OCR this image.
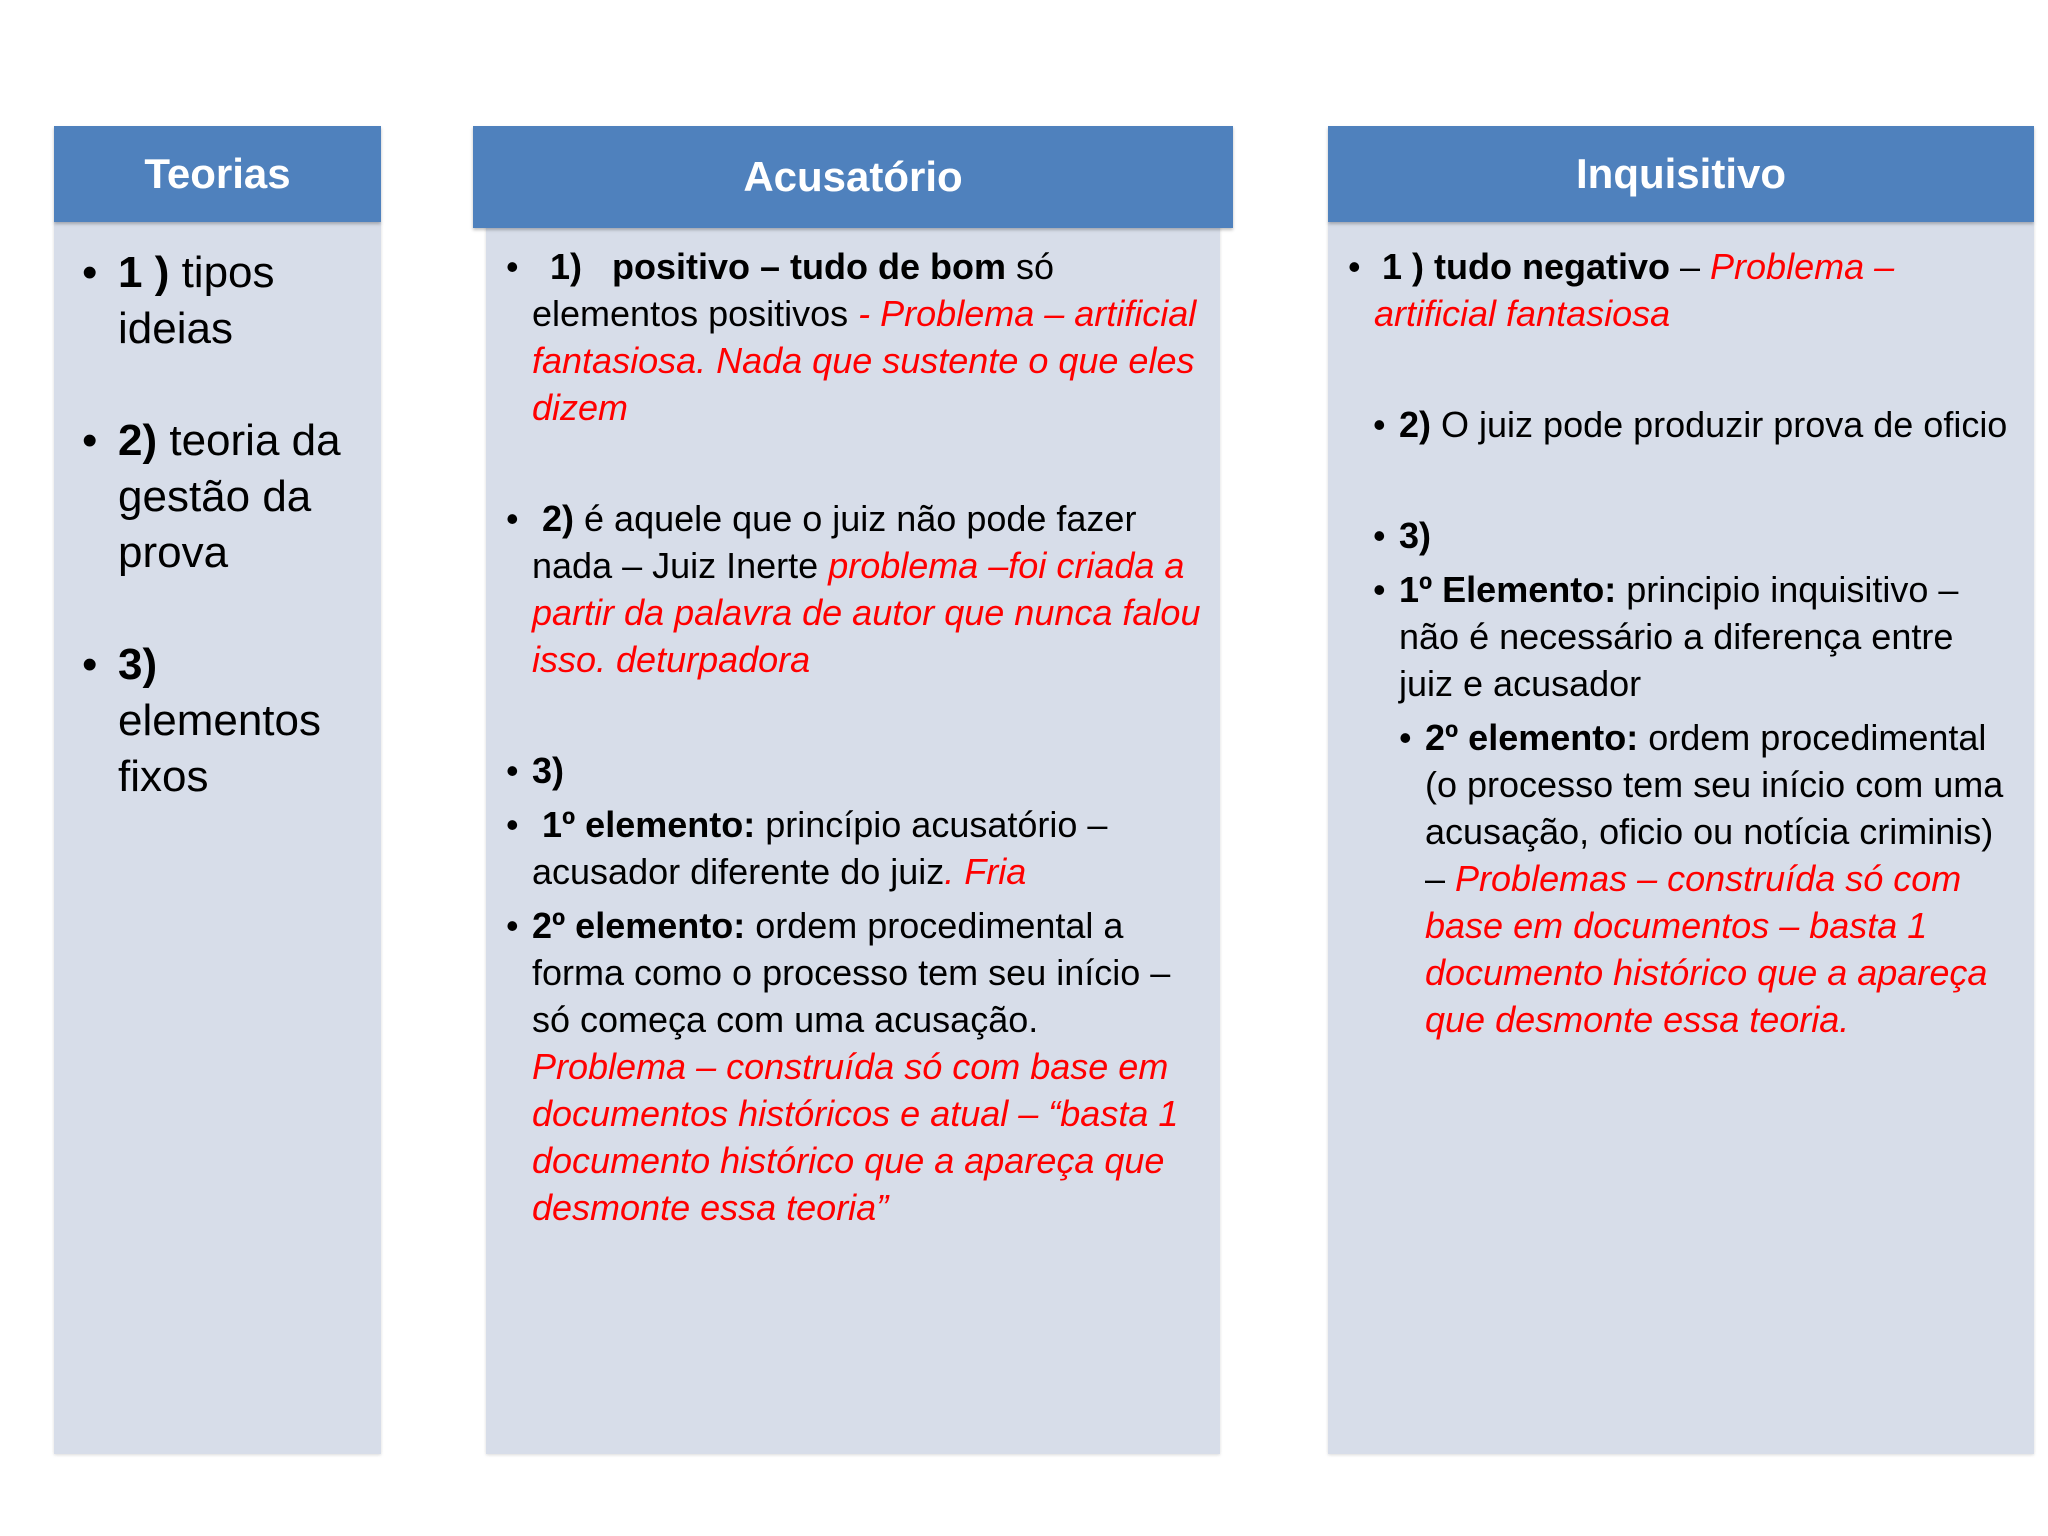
Teorias
• 1 ) tipos ideias
• 2) teoria da gestão da prova
• 3) elementos fixos
Acusatório
• 1) positivo – tudo de bom só elementos positivos - Problema – artificial fantasiosa. Nada que sustente o que eles dizem
• 2) é aquele que o juiz não pode fazer nada – Juiz Inerte problema –foi criada a partir da palavra de autor que nunca falou isso. deturpadora
• 3)
• 1º elemento: princípio acusatório – acusador diferente do juiz. Fria
• 2º elemento: ordem procedimental a forma como o processo tem seu início – só começa com uma acusação. Problema – construída só com base em documentos históricos e atual – “basta 1 documento histórico que a apareça que desmonte essa teoria”
Inquisitivo
• 1 ) tudo negativo – Problema – artificial fantasiosa
• 2) O juiz pode produzir prova de oficio
• 3)
• 1º Elemento: principio inquisitivo – não é necessário a diferença entre juiz e acusador
• 2º elemento: ordem procedimental (o processo tem seu início com uma acusação, oficio ou notícia criminis) – Problemas – construída só com base em documentos – basta 1 documento histórico que a apareça que desmonte essa teoria.
